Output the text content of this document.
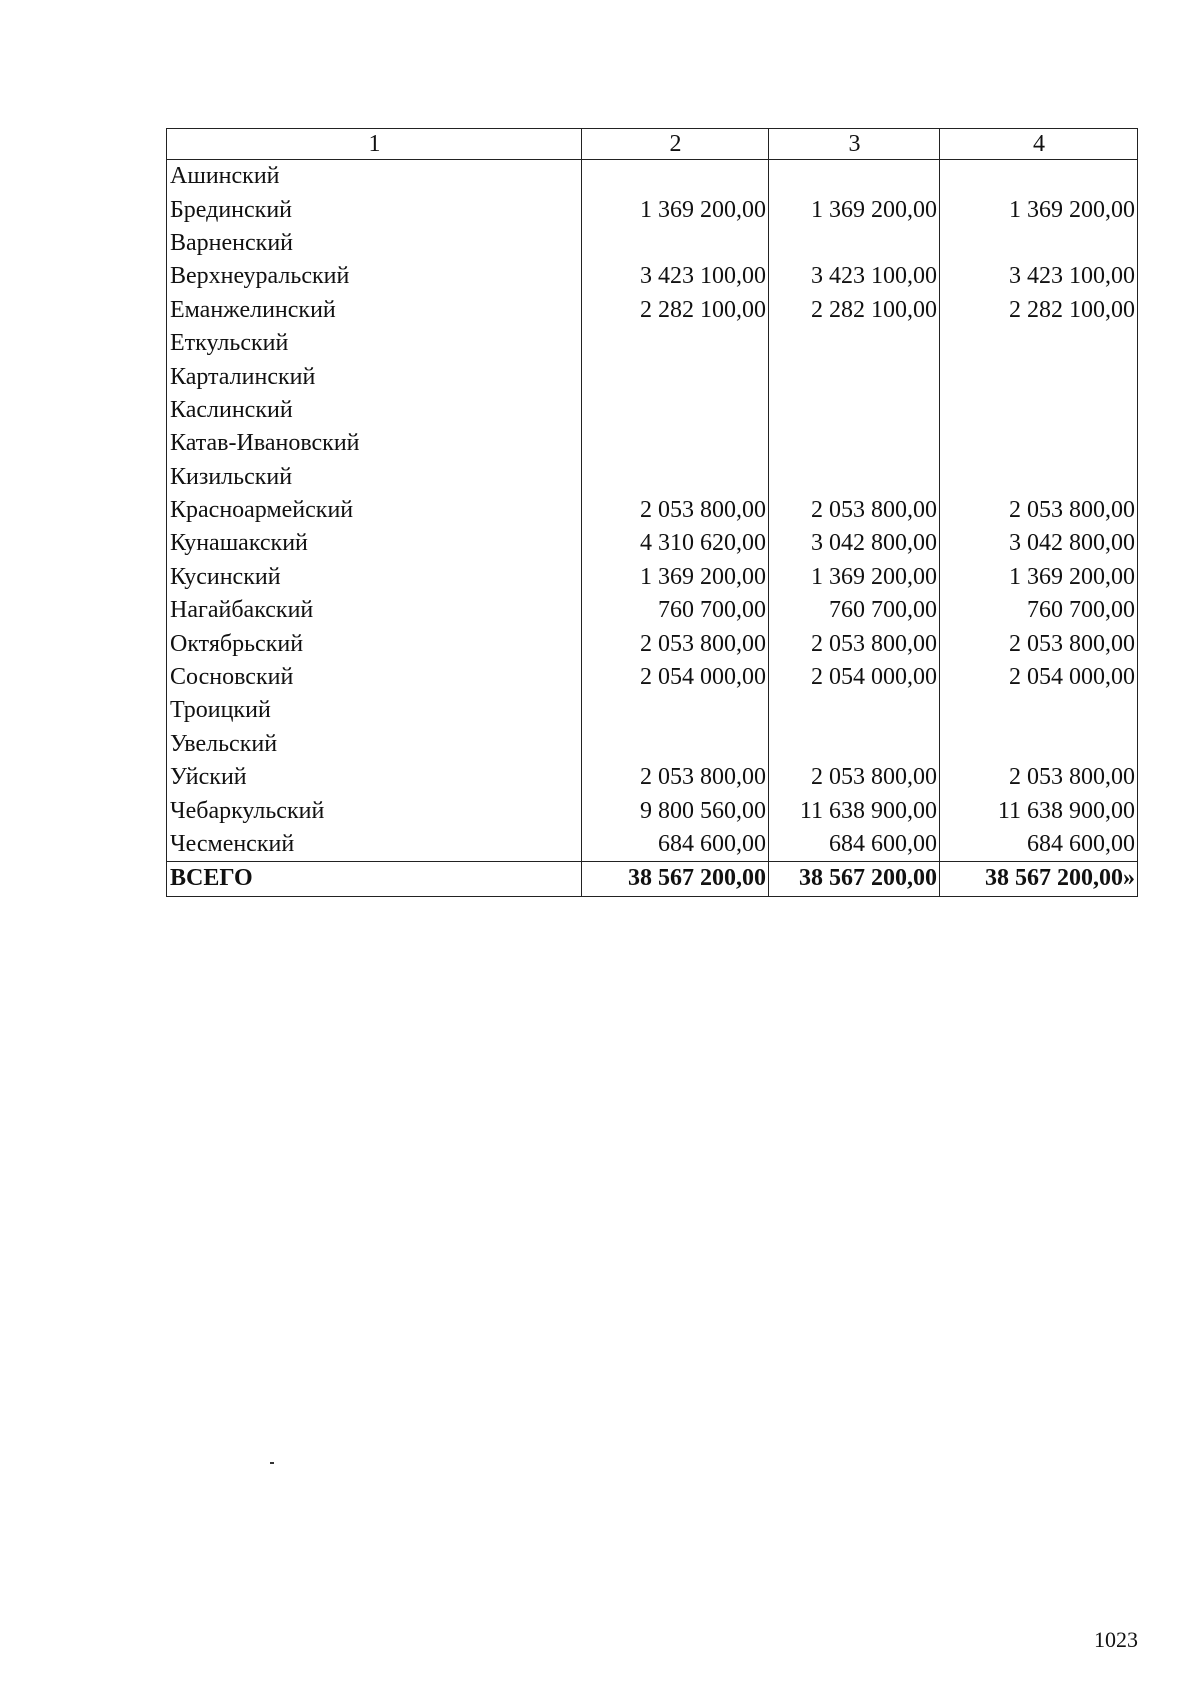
1	2	3	4
Ашинский			
Брединский	1 369 200,00	1 369 200,00	1 369 200,00
Варненский			
Верхнеуральский	3 423 100,00	3 423 100,00	3 423 100,00
Еманжелинский	2 282 100,00	2 282 100,00	2 282 100,00
Еткульский			
Карталинский			
Каслинский			
Катав-Ивановский			
Кизильский			
Красноармейский	2 053 800,00	2 053 800,00	2 053 800,00
Кунашакский	4 310 620,00	3 042 800,00	3 042 800,00
Кусинский	1 369 200,00	1 369 200,00	1 369 200,00
Нагайбакский	760 700,00	760 700,00	760 700,00
Октябрьский	2 053 800,00	2 053 800,00	2 053 800,00
Сосновский	2 054 000,00	2 054 000,00	2 054 000,00
Троицкий			
Увельский			
Уйский	2 053 800,00	2 053 800,00	2 053 800,00
Чебаркульский	9 800 560,00	11 638 900,00	11 638 900,00
Чесменский	684 600,00	684 600,00	684 600,00
ВСЕГО	38 567 200,00	38 567 200,00	38 567 200,00»
1023
